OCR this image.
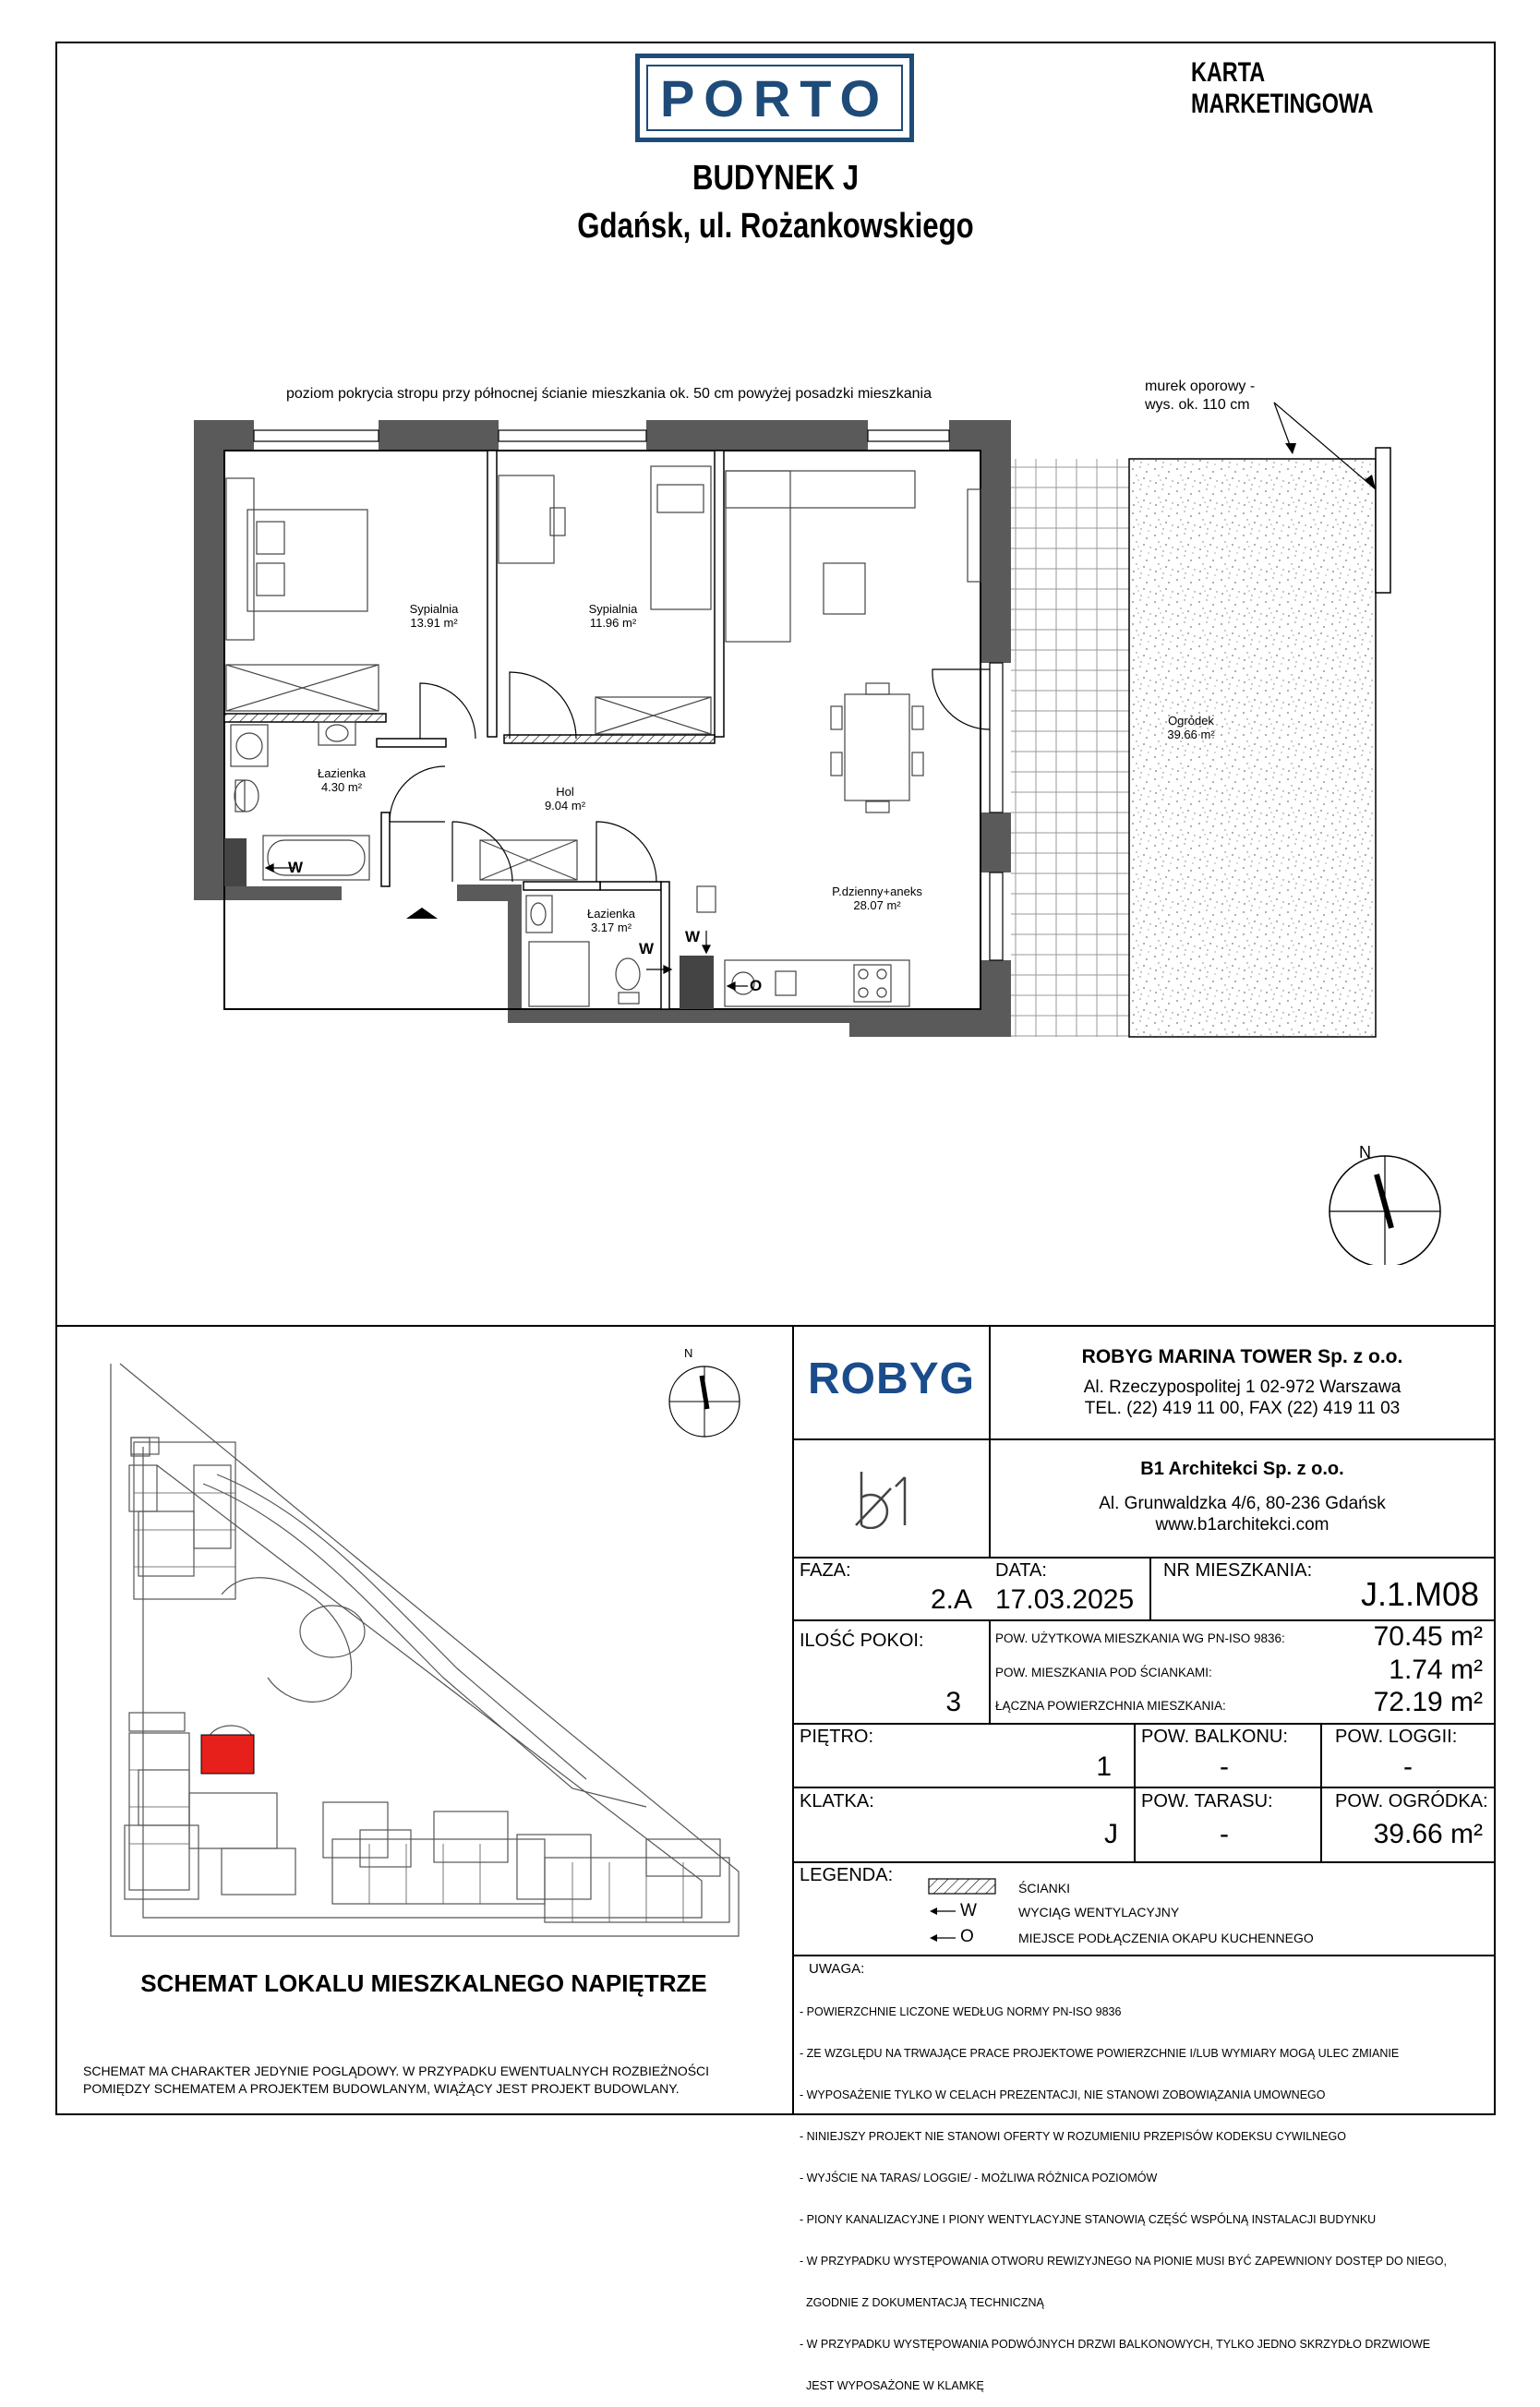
PORTO	KARTA MARKETINGOWA
BUDYNEK J
Gdańsk, ul. Rożankowskiego
poziom pokrycia stropu przy północnej ścianie mieszkania ok. 50 cm powyżej posadzki mieszkania	murek oporowy -
wys. ok. 110 cm
Sypialnia
13.91 m²
Sypialnia
11.96 m²
Łazienka
4.30 m²	Hol
9.04 m²
Łazienka
3.17 m²
P.dzienny+aneks
28.07 m²
Ogródek
39.66 m²
W
W
W
O
N
N
SCHEMAT LOKALU MIESZKALNEGO NAPIĘTRZE
SCHEMAT MA CHARAKTER JEDYNIE POGLĄDOWY. W PRZYPADKU EWENTUALNYCH ROZBIEŻNOŚCI
POMIĘDZY SCHEMATEM A PROJEKTEM BUDOWLANYM, WIĄŻĄCY JEST PROJEKT BUDOWLANY.
ROBYG	ROBYG MARINA TOWER Sp. z o.o.
Al. Rzeczypospolitej 1 02-972 Warszawa
TEL. (22) 419 11 00, FAX (22) 419 11 03
B1 Architekci Sp. z o.o.
Al. Grunwaldzka 4/6, 80-236 Gdańsk
www.b1architekci.com
FAZA:
2.A
DATA:
17.03.2025
NR MIESZKANIA:
J.1.M08
ILOŚĆ POKOI:
3
POW. UŻYTKOWA MIESZKANIA WG PN-ISO 9836:	70.45 m²
POW. MIESZKANIA POD ŚCIANKAMI:	1.74 m²
ŁĄCZNA POWIERZCHNIA MIESZKANIA:	72.19 m²
PIĘTRO:
1
POW. BALKONU:
-
POW. LOGGII:
-
KLATKA:
J
POW. TARASU:
-
POW. OGRÓDKA:
39.66 m²
LEGENDA:
ŚCIANKI
W	WYCIĄG WENTYLACYJNY
O	MIEJSCE PODŁĄCZENIA OKAPU KUCHENNEGO
UWAGA:

- POWIERZCHNIE LICZONE WEDŁUG NORMY PN-ISO 9836

- ZE WZGLĘDU NA TRWAJĄCE PRACE PROJEKTOWE POWIERZCHNIE I/LUB WYMIARY MOGĄ ULEC ZMIANIE

- WYPOSAŻENIE TYLKO W CELACH PREZENTACJI, NIE STANOWI ZOBOWIĄZANIA UMOWNEGO

- NINIEJSZY PROJEKT NIE STANOWI OFERTY W ROZUMIENIU PRZEPISÓW KODEKSU CYWILNEGO

- WYJŚCIE NA TARAS/ LOGGIE/ - MOŻLIWA RÓŻNICA POZIOMÓW

- PIONY KANALIZACYJNE I PIONY WENTYLACYJNE STANOWIĄ CZĘŚĆ WSPÓLNĄ INSTALACJI BUDYNKU

- W PRZYPADKU WYSTĘPOWANIA OTWORU REWIZYJNEGO NA PIONIE MUSI BYĆ ZAPEWNIONY DOSTĘP DO NIEGO,

ZGODNIE Z DOKUMENTACJĄ TECHNICZNĄ

- W PRZYPADKU WYSTĘPOWANIA PODWÓJNYCH DRZWI BALKONOWYCH, TYLKO JEDNO SKRZYDŁO DRZWIOWE

JEST WYPOSAŻONE W KLAMKĘ
